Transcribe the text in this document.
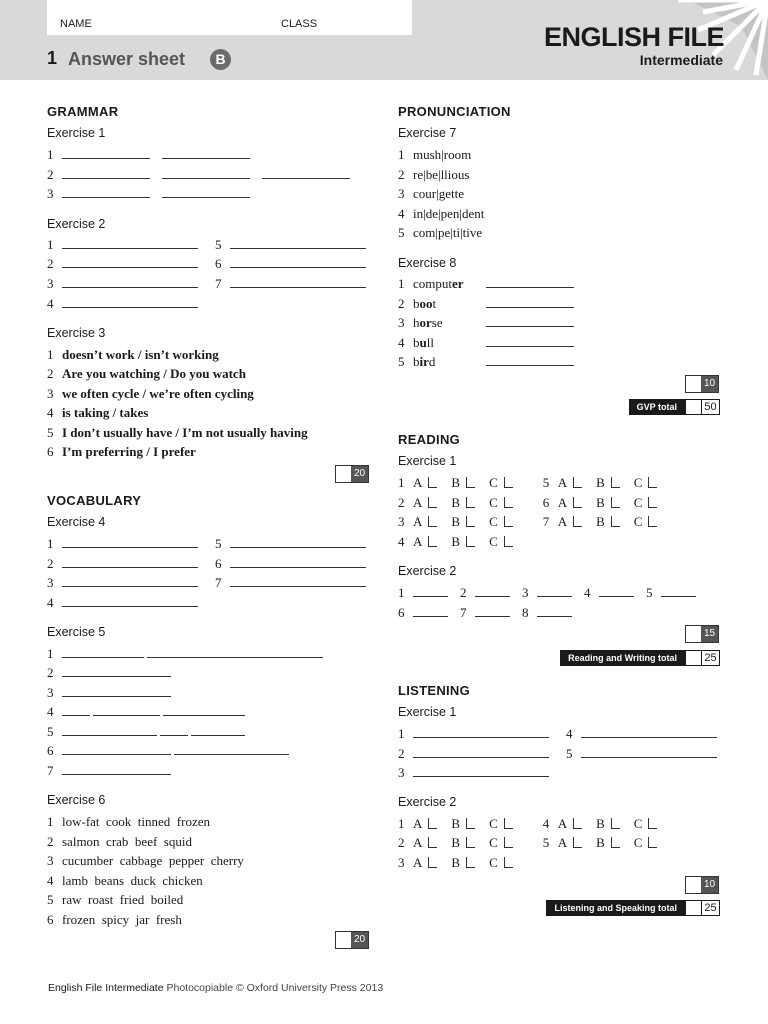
NAME	CLASS
1 Answer sheet	B
ENGLISH FILE
Intermediate
GRAMMAR
Exercise 1
1
2
3
Exercise 2
1	5
2	6
3	7
4
Exercise 3
1 doesn’t work / isn’t working
2 Are you watching / Do you watch
3 we often cycle / we’re often cycling
4 is taking / takes
5 I don’t usually have / I’m not usually having
6 I’m preferring / I prefer
20
VOCABULARY
Exercise 4
1	5
2	6
3	7
4
Exercise 5
1
2
3
4
5
6
7
Exercise 6
1 low-fat  cook  tinned  frozen
2 salmon  crab  beef  squid
3 cucumber  cabbage  pepper  cherry
4 lamb  beans  duck  chicken
5 raw  roast  fried  boiled
6 frozen  spicy  jar  fresh
20
PRONUNCIATION
Exercise 7
1 mush|room
2 re|be|llious
3 cour|gette
4 in|de|pen|dent
5 com|pe|ti|tive
Exercise 8
1 computer
2 boot
3 horse
4 bull
5 bird
10
GVP total	50
READING
Exercise 1
1 A B C	5 A B C
2 A B C	6 A B C
3 A B C	7 A B C
4 A B C
Exercise 2
1	2	3	4	5
6	7	8
15
Reading and Writing total	25
LISTENING
Exercise 1
1	4
2	5
3
Exercise 2
1 A B C	4 A B C
2 A B C	5 A B C
3 A B C
10
Listening and Speaking total	25
English File Intermediate Photocopiable © Oxford University Press 2013
